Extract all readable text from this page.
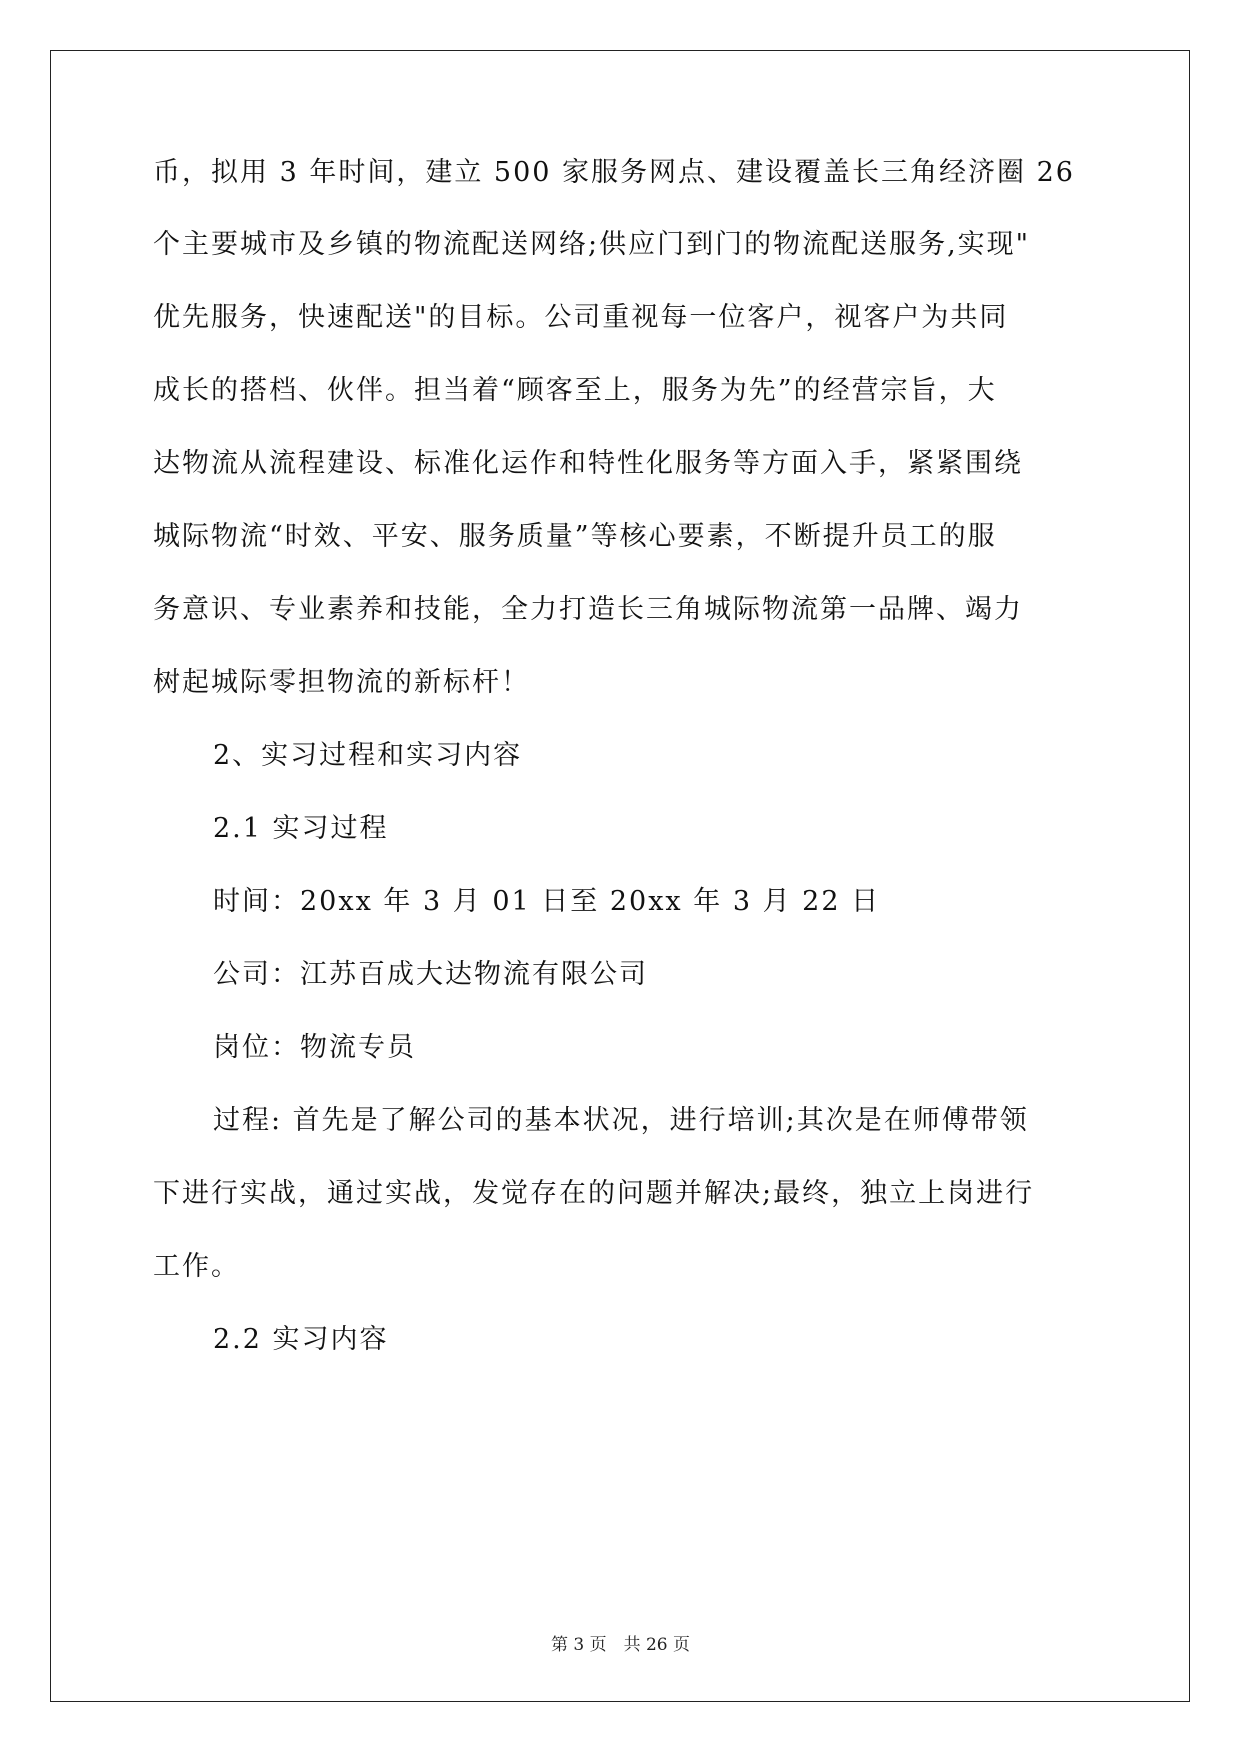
币，拟用 3 年时间，建立 500 家服务网点、建设覆盖长三角经济圈 26

个主要城市及乡镇的物流配送网络;供应门到门的物流配送服务,实现"

优先服务，快速配送"的目标。公司重视每一位客户，视客户为共同

成长的搭档、伙伴。担当着“顾客至上，服务为先”的经营宗旨，大

达物流从流程建设、标准化运作和特性化服务等方面入手，紧紧围绕

城际物流“时效、平安、服务质量”等核心要素，不断提升员工的服

务意识、专业素养和技能，全力打造长三角城际物流第一品牌、竭力

树起城际零担物流的新标杆！

2、实习过程和实习内容

2.1 实习过程

时间：20xx 年 3 月 01 日至 20xx 年 3 月 22 日

公司：江苏百成大达物流有限公司

岗位：物流专员

过程: 首先是了解公司的基本状况，进行培训;其次是在师傅带领

下进行实战，通过实战，发觉存在的问题并解决;最终，独立上岗进行

工作。

2.2 实习内容

第 3 页　共 26 页
